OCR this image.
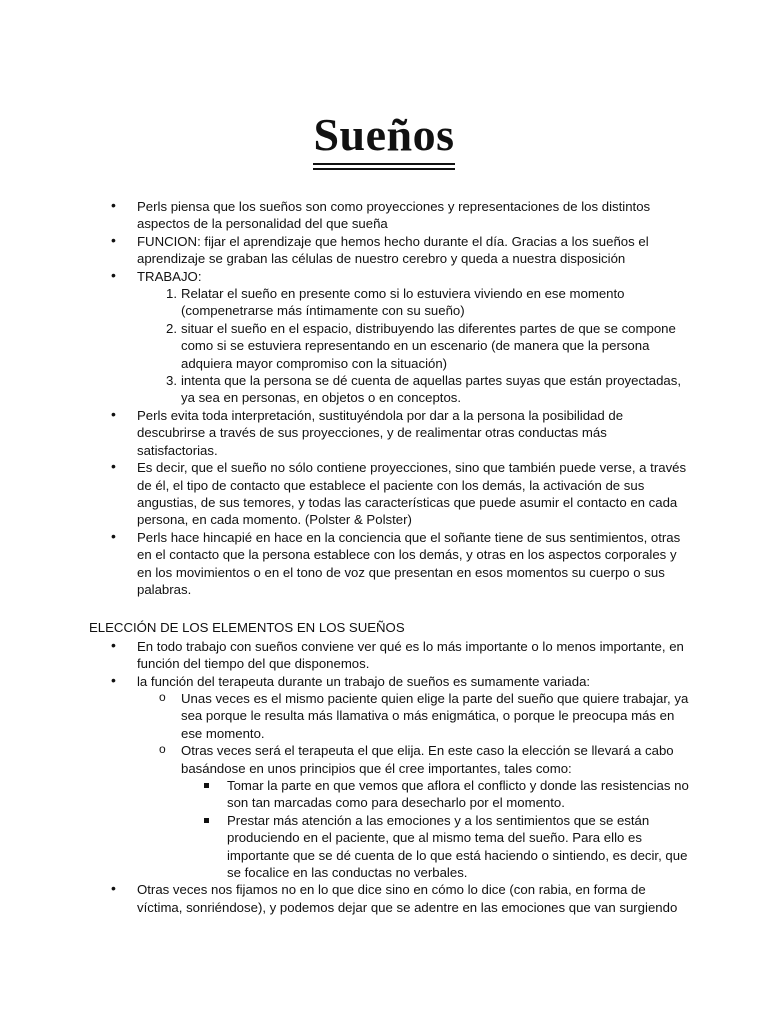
Sueños
• Perls piensa que los sueños son como proyecciones y representaciones de los distintos aspectos de la personalidad del que sueña
• FUNCION: fijar el aprendizaje que hemos hecho durante el día. Gracias a los sueños el aprendizaje se graban las células de nuestro cerebro y queda a nuestra disposición
• TRABAJO:
1. Relatar el sueño en presente como si lo estuviera viviendo en ese momento (compenetrarse más íntimamente con su sueño)
2. situar el sueño en el espacio, distribuyendo las diferentes partes de que se compone como si se estuviera representando en un escenario (de manera que la persona adquiera mayor compromiso con la situación)
3. intenta que la persona se dé cuenta de aquellas partes suyas que están proyectadas, ya sea en personas, en objetos o en conceptos.
• Perls evita toda interpretación, sustituyéndola por dar a la persona la posibilidad de descubrirse a través de sus proyecciones, y de realimentar otras conductas más satisfactorias.
• Es decir, que el sueño no sólo contiene proyecciones, sino que también puede verse, a través de él, el tipo de contacto que establece el paciente con los demás, la activación de sus angustias, de sus temores, y todas las características que puede asumir el contacto en cada persona, en cada momento. (Polster & Polster)
• Perls hace hincapié en hace en la conciencia que el soñante tiene de sus sentimientos, otras en el contacto que la persona establece con los demás, y otras en los aspectos corporales y en los movimientos o en el tono de voz que presentan en esos momentos su cuerpo o sus palabras.
ELECCIÓN DE LOS ELEMENTOS EN LOS SUEÑOS
• En todo trabajo con sueños conviene ver qué es lo más importante o lo menos importante, en función del tiempo del que disponemos.
• la función del terapeuta durante un trabajo de sueños es sumamente variada:
o Unas veces es el mismo paciente quien elige la parte del sueño que quiere trabajar, ya sea porque le resulta más llamativa o más enigmática, o porque le preocupa más en ese momento.
o Otras veces será el terapeuta el que elija. En este caso la elección se llevará a cabo basándose en unos principios que él cree importantes, tales como:
Tomar la parte en que vemos que aflora el conflicto y donde las resistencias no son tan marcadas como para desecharlo por el momento.
Prestar más atención a las emociones y a los sentimientos que se están produciendo en el paciente, que al mismo tema del sueño. Para ello es importante que se dé cuenta de lo que está haciendo o sintiendo, es decir, que se focalice en las conductas no verbales.
• Otras veces nos fijamos no en lo que dice sino en cómo lo dice (con rabia, en forma de víctima, sonriéndose), y podemos dejar que se adentre en las emociones que van surgiendo
